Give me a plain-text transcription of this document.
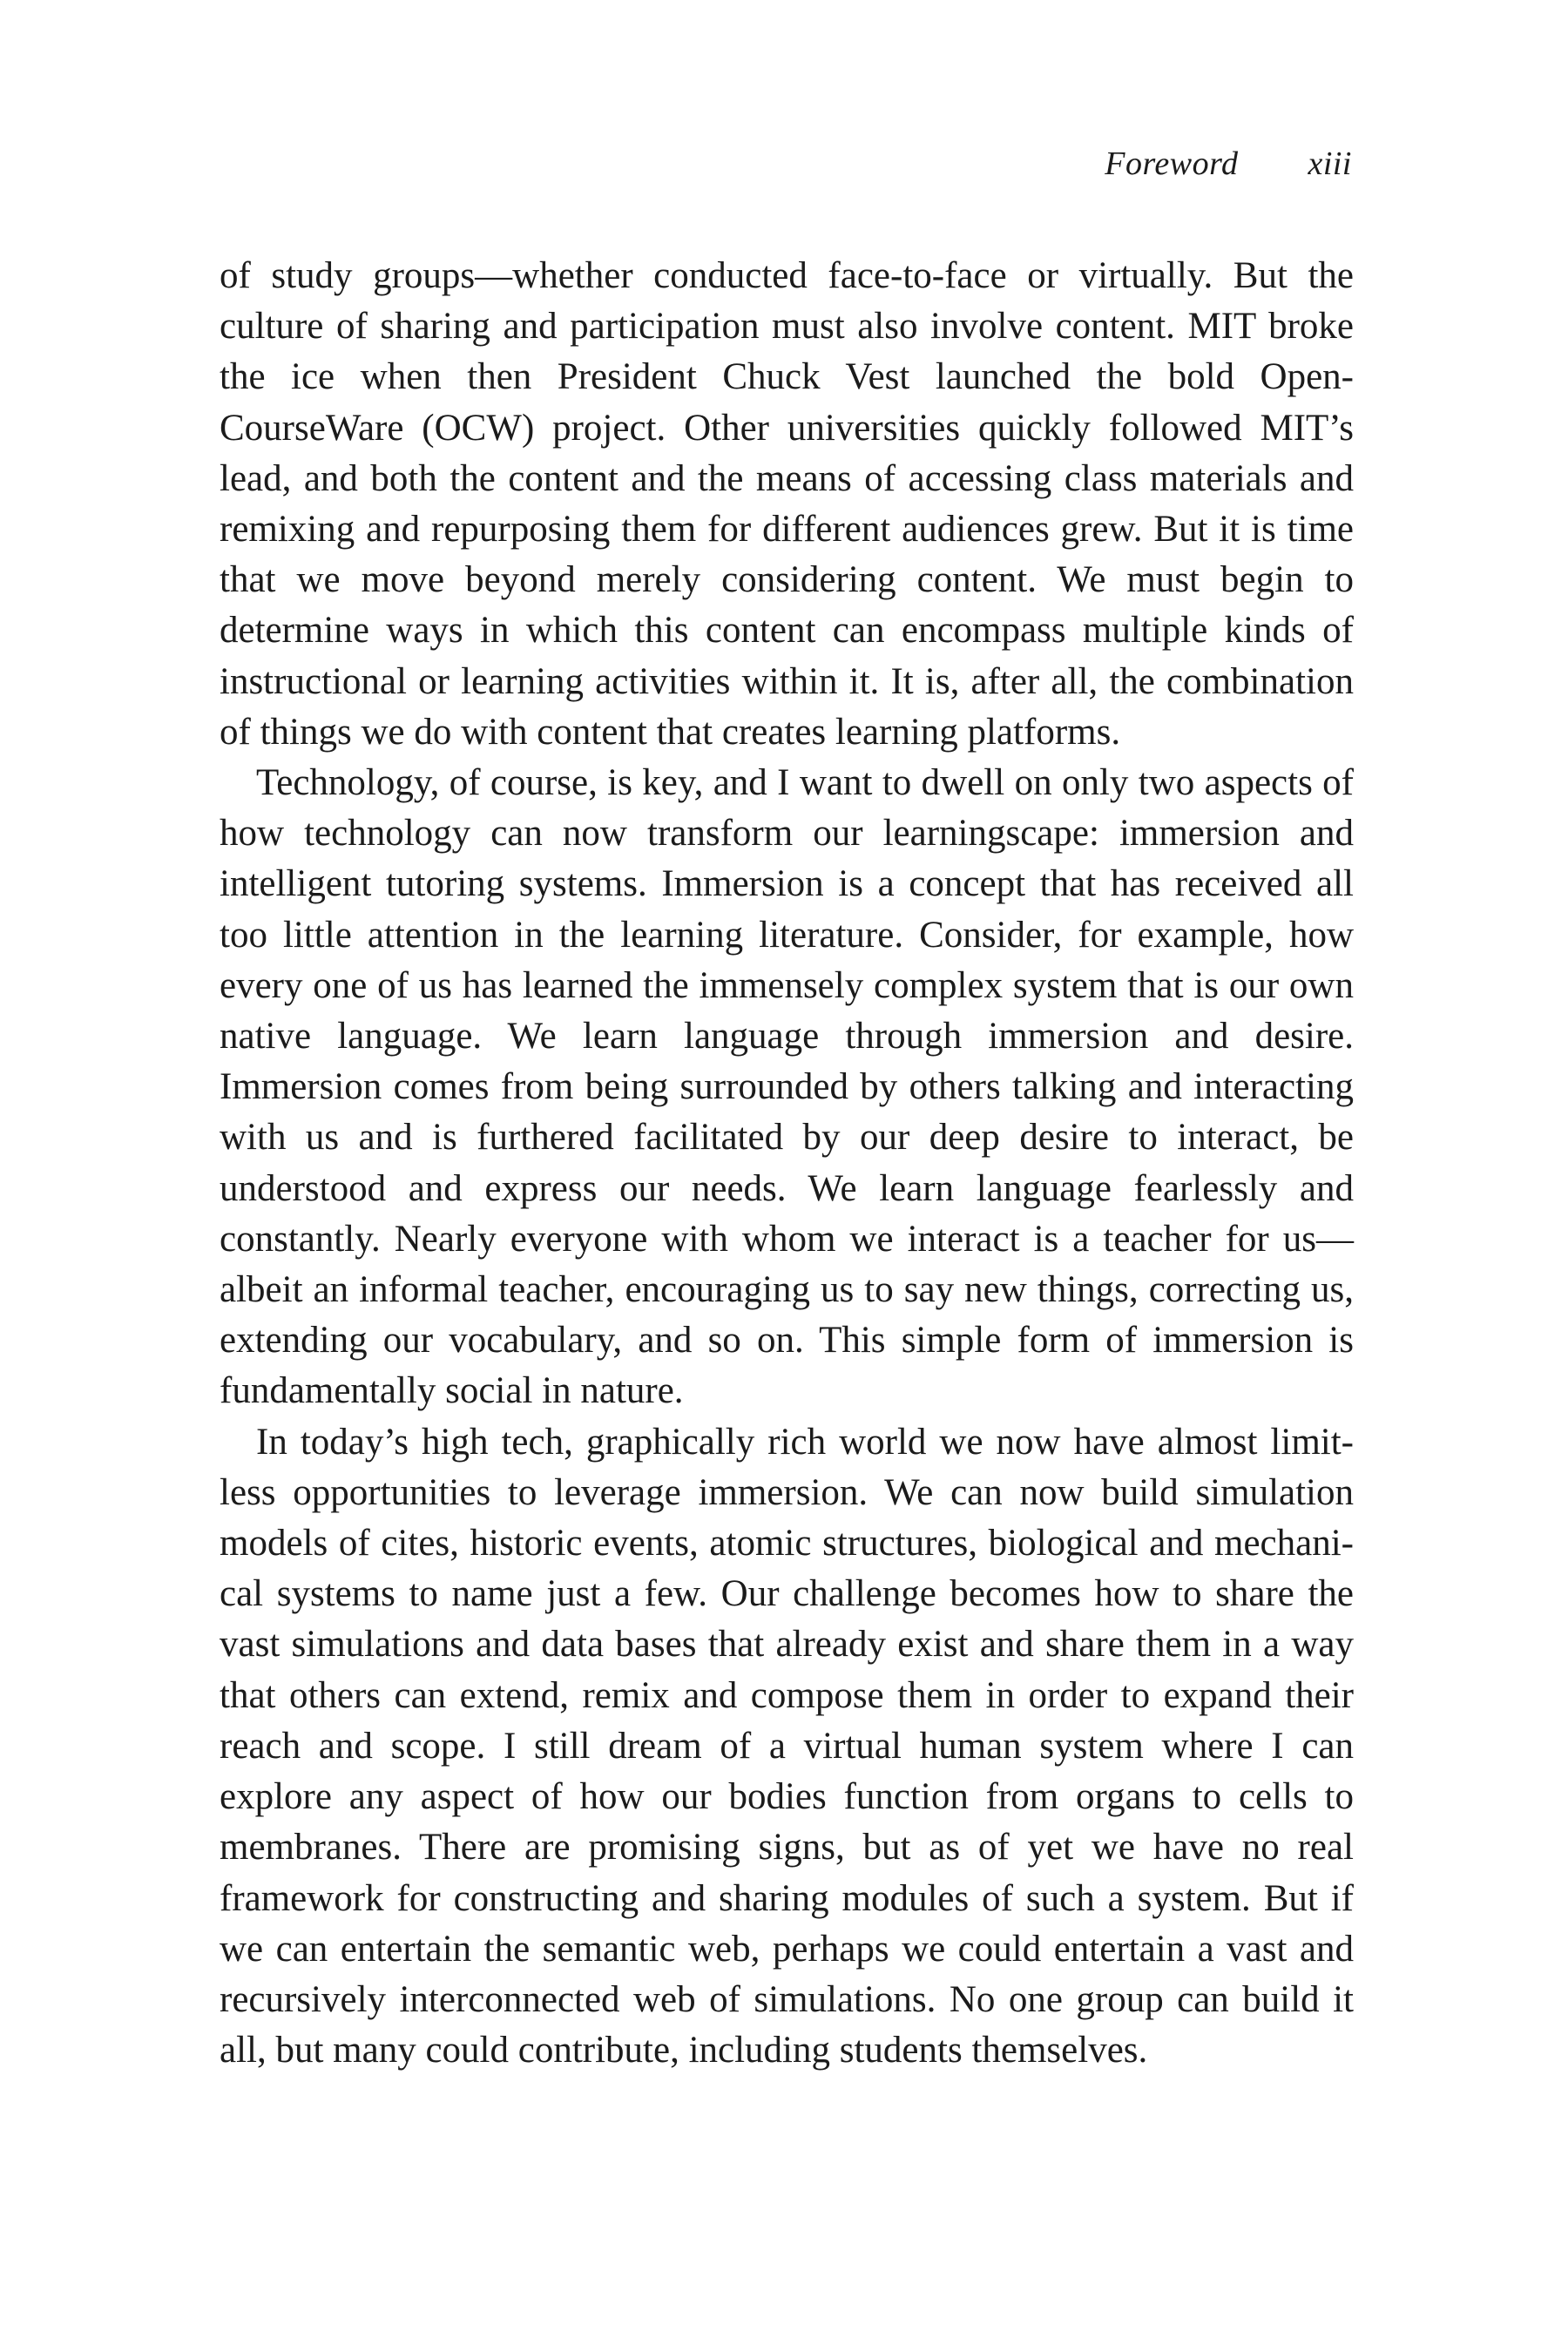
Foreword xiii

of study groups—whether conducted face-to-face or virtually. But the culture of sharing and participation must also involve content. MIT broke the ice when then President Chuck Vest launched the bold OpenCourseWare (OCW) project. Other universities quickly followed MIT’s lead, and both the content and the means of accessing class materials and remixing and repurposing them for different audiences grew. But it is time that we move beyond merely considering content. We must begin to determine ways in which this content can encompass multiple kinds of instructional or learning activities within it. It is, after all, the combination of things we do with content that creates learning platforms.

Technology, of course, is key, and I want to dwell on only two aspects of how technology can now transform our learningscape: immersion and intelligent tutoring systems. Immersion is a concept that has received all too little attention in the learning literature. Consider, for example, how every one of us has learned the immensely complex system that is our own native language. We learn language through immersion and desire. Immersion comes from being surrounded by others talking and interacting with us and is furthered facilitated by our deep desire to interact, be understood and express our needs. We learn language fearlessly and constantly. Nearly everyone with whom we interact is a teacher for us—albeit an informal teacher, encouraging us to say new things, correcting us, extending our vocabulary, and so on. This simple form of immersion is fundamentally social in nature.

In today’s high tech, graphically rich world we now have almost limitless opportunities to leverage immersion. We can now build simulation models of cites, historic events, atomic structures, biological and mechanical systems to name just a few. Our challenge becomes how to share the vast simulations and data bases that already exist and share them in a way that others can extend, remix and compose them in order to expand their reach and scope. I still dream of a virtual human system where I can explore any aspect of how our bodies function from organs to cells to membranes. There are promising signs, but as of yet we have no real framework for constructing and sharing modules of such a system. But if we can entertain the semantic web, perhaps we could entertain a vast and recursively interconnected web of simulations. No one group can build it all, but many could contribute, including students themselves.
